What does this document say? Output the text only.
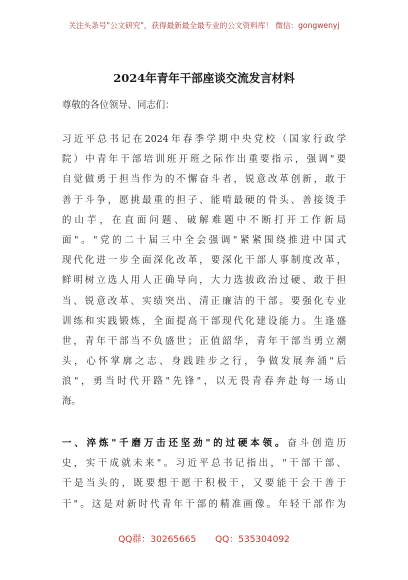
关注头条号"公文研究"，获得最新最全最专业的公文资料库！ 微信：gongwenyj
2024年青年干部座谈交流发言材料
尊敬的各位领导、同志们：
习近平总书记在2024年春季学期中央党校（国家行政学
院）中青年干部培训班开班之际作出重要指示，强调"要
自觉做勇于担当作为的不懈奋斗者，锐意改革创新，敢于
善于斗争，愿挑最重的担子、能啃最硬的骨头、善接烫手
的山芋，在直面问题、破解难题中不断打开工作新局
面"。"党的二十届三中全会强调"紧紧围绕推进中国式
现代化进一步全面深化改革，要深化干部人事制度改革，
鲜明树立选人用人正确导向，大力选拔政治过硬、敢于担
当、锐意改革、实绩突出、清正廉洁的干部。要强化专业
训练和实践锻炼，全面提高干部现代化建设能力。生逢盛
世，青年干部当不负盛世；正值韶华，青年干部当勇立潮
头，心怀掌廓之志、身践跬步之行，争做发展奔涌"后
浪"，勇当时代开路"先锋"，以无畏青春奔赴每一场山
海。
一、淬炼"千磨万击还坚劲"的过硬本领。奋斗创造历
史，实干成就未来"。习近平总书记指出，"干部干部、
干是当头的，既要想干愿干积极干，又要能干会干善于
干"。这是对新时代青年干部的精准画像。年轻干部作为
QQ群：30265665 QQ：535304092
